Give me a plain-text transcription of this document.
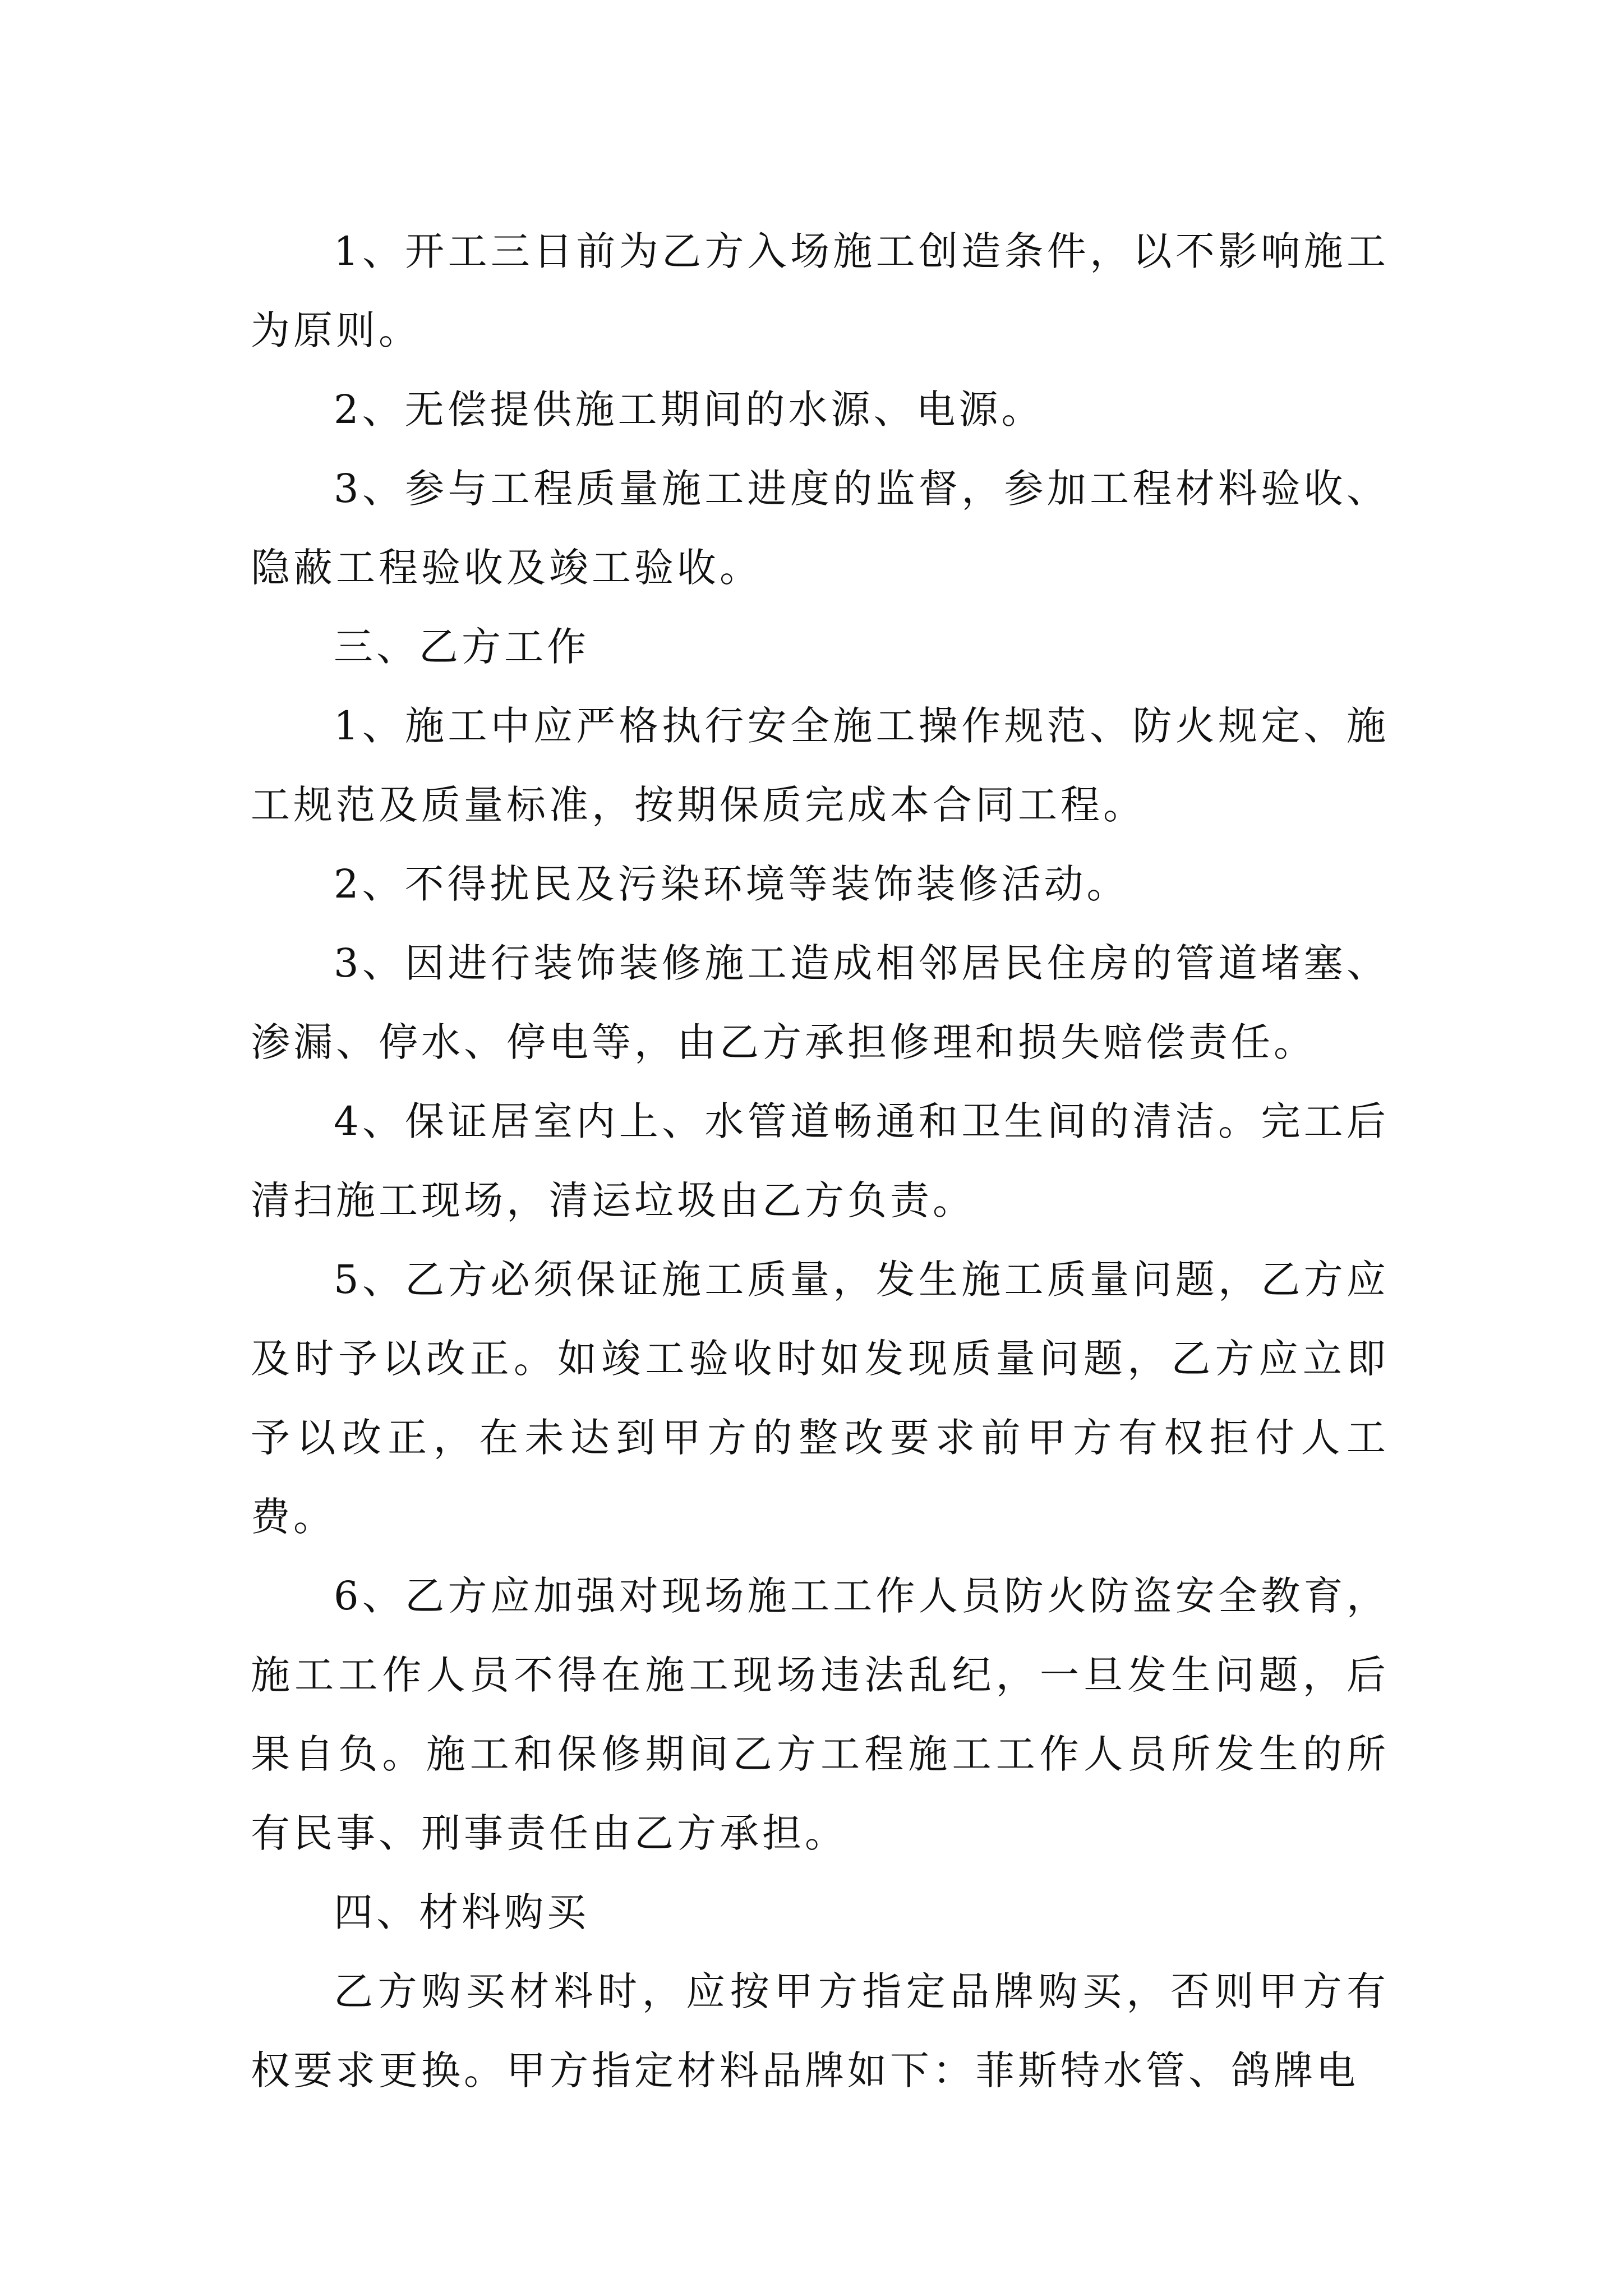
1、开工三日前为乙方入场施工创造条件，以不影响施工为原则。

2、无偿提供施工期间的水源、电源。

3、参与工程质量施工进度的监督，参加工程材料验收、隐蔽工程验收及竣工验收。

三、乙方工作

1、施工中应严格执行安全施工操作规范、防火规定、施工规范及质量标准，按期保质完成本合同工程。

2、不得扰民及污染环境等装饰装修活动。

3、因进行装饰装修施工造成相邻居民住房的管道堵塞、渗漏、停水、停电等，由乙方承担修理和损失赔偿责任。

4、保证居室内上、水管道畅通和卫生间的清洁。完工后清扫施工现场，清运垃圾由乙方负责。

5、乙方必须保证施工质量，发生施工质量问题，乙方应及时予以改正。如竣工验收时如发现质量问题，乙方应立即予以改正，在未达到甲方的整改要求前甲方有权拒付人工费。

6、乙方应加强对现场施工工作人员防火防盗安全教育，施工工作人员不得在施工现场违法乱纪，一旦发生问题，后果自负。施工和保修期间乙方工程施工工作人员所发生的所有民事、刑事责任由乙方承担。

四、材料购买

乙方购买材料时，应按甲方指定品牌购买，否则甲方有权要求更换。甲方指定材料品牌如下：菲斯特水管、鸽牌电
